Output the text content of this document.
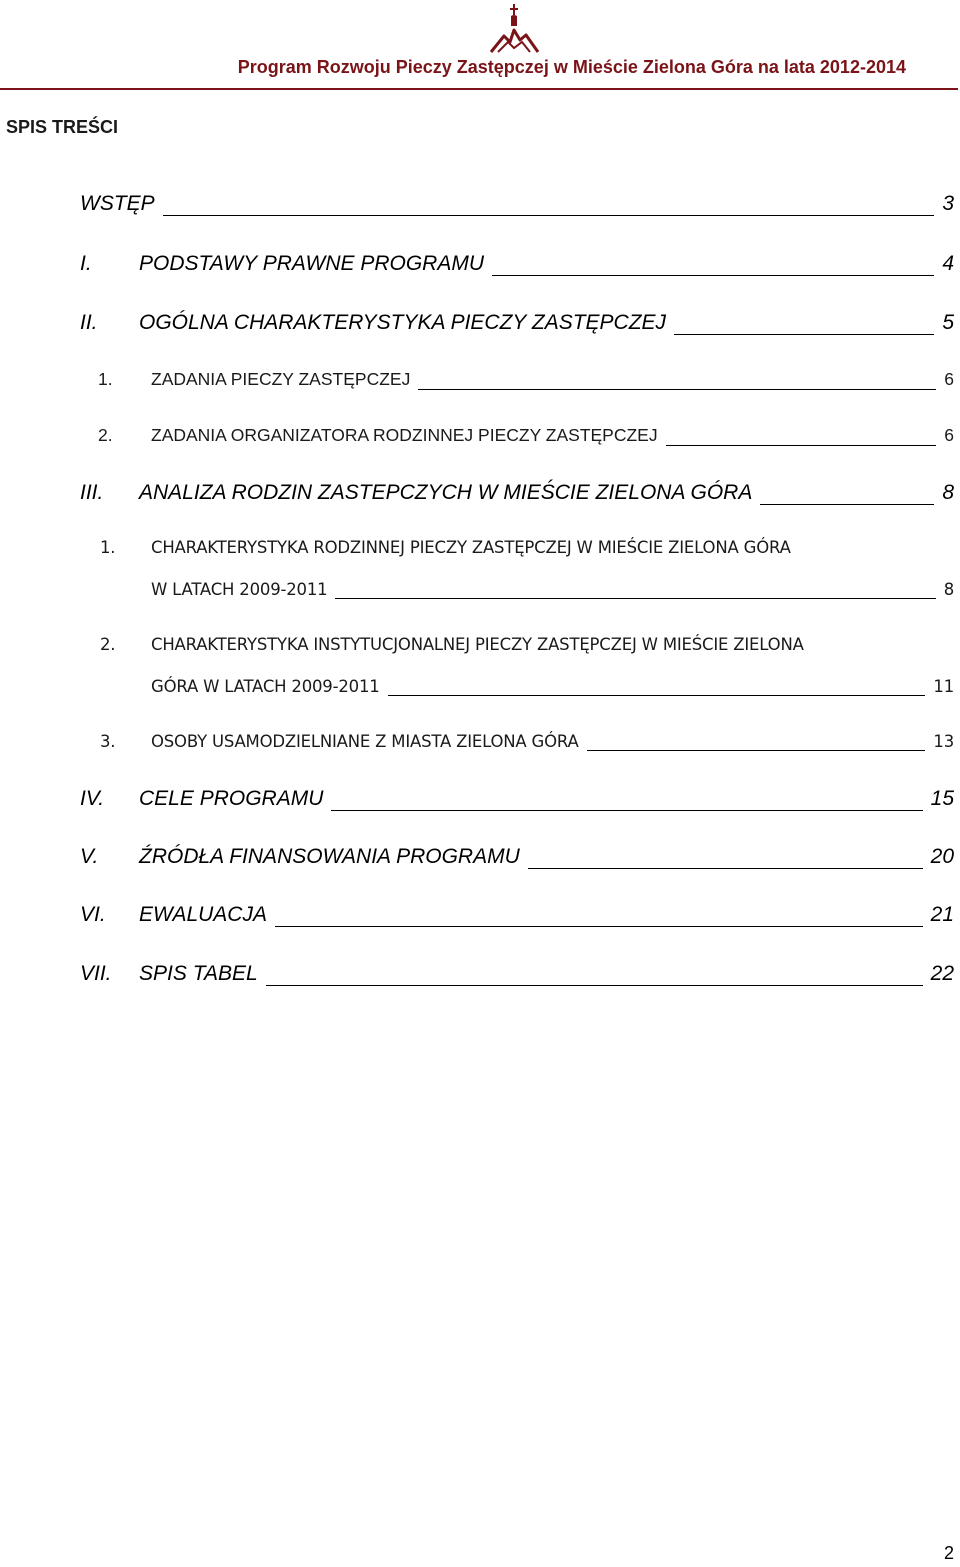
Program Rozwoju Pieczy Zastępczej w Mieście Zielona Góra na lata 2012-2014
SPIS TREŚCI
WSTĘP	3
I. PODSTAWY PRAWNE PROGRAMU	4
II. OGÓLNA CHARAKTERYSTYKA PIECZY ZASTĘPCZEJ	5
1. ZADANIA PIECZY ZASTĘPCZEJ	6
2. ZADANIA ORGANIZATORA RODZINNEJ PIECZY ZASTĘPCZEJ	6
III. ANALIZA RODZIN ZASTEPCZYCH W MIEŚCIE ZIELONA GÓRA	8
1. CHARAKTERYSTYKA RODZINNEJ PIECZY ZASTĘPCZEJ W MIEŚCIE ZIELONA GÓRA
W LATACH 2009-2011	8
2. CHARAKTERYSTYKA INSTYTUCJONALNEJ PIECZY ZASTĘPCZEJ W MIEŚCIE ZIELONA
GÓRA W LATACH 2009-2011	11
3. OSOBY USAMODZIELNIANE Z MIASTA ZIELONA GÓRA	13
IV. CELE PROGRAMU	15
V. ŹRÓDŁA FINANSOWANIA PROGRAMU	20
VI. EWALUACJA	21
VII. SPIS TABEL	22
2
